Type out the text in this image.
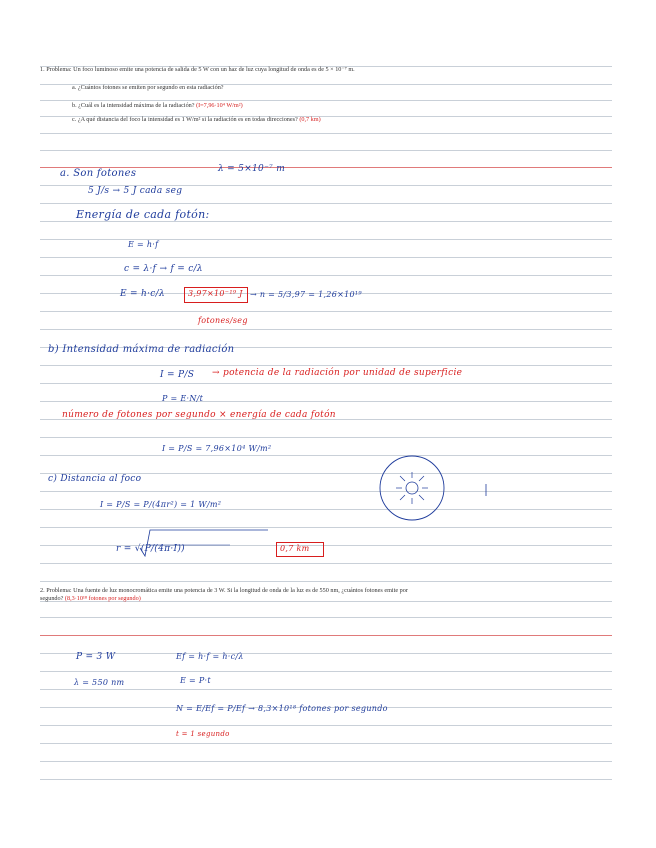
1. Problema: Un foco luminoso emite una potencia de salida de 5 W con un haz de luz cuya longitud de onda es de 5 × 10⁻⁷ m.
a. ¿Cuántos fotones se emiten por segundo en esta radiación?
b. ¿Cuál es la intensidad máxima de la radiación? (I=7,96·10⁴ W/m²)
c. ¿A qué distancia del foco la intensidad es 1 W/m² si la radiación es en todas direcciones? (0,7 km)
a. Son fotones	λ = 5×10⁻⁷ m
5 J/s → 5 J cada seg
Energía de cada fotón:
E = h·f
c = λ·f → f = c/λ
E = h·c/λ	3,97×10⁻¹⁹ J → n = 5/3,97 = 1,26×10¹⁹
fotones/seg
b) Intensidad máxima de radiación
I = P/S → potencia de la radiación por unidad de superficie
P = E·N/t
número de fotones por segundo × energía de cada fotón
I = P/S = 7,96×10⁴ W/m²
c) Distancia al foco
I = P/S = P/(4πr²) = 1 W/m²
r = √(P/(4π·I))	0,7 km
2. Problema: Una fuente de luz monocromática emite una potencia de 3 W. Si la longitud de onda de la luz es de 550 nm, ¿cuántos fotones emite por segundo? (8,3·10¹⁸ fotones por segundo)
P = 3 W
λ = 550 nm
Ef = h·f = h·c/λ
E = P·t
N = E/Ef = P/Ef → 8,3×10¹⁸ fotones por segundo
t = 1 segundo
